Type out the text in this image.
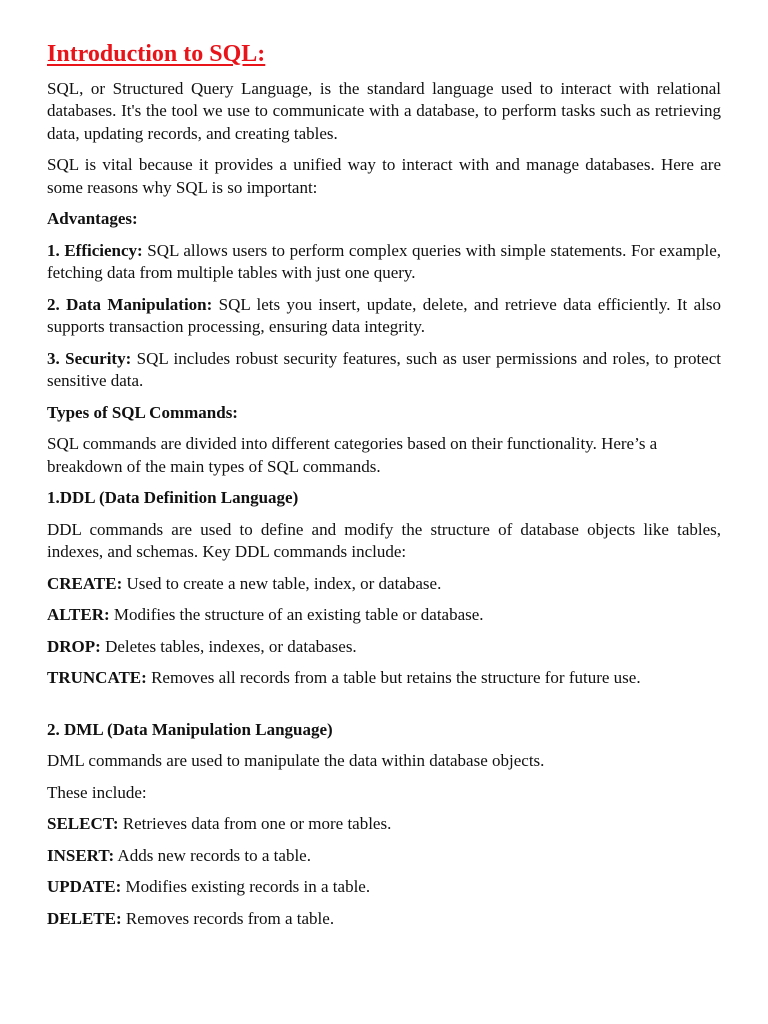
Introduction to SQL:

SQL, or Structured Query Language, is the standard language used to interact with relational databases. It's the tool we use to communicate with a database, to perform tasks such as retrieving data, updating records, and creating tables.

SQL is vital because it provides a unified way to interact with and manage databases. Here are some reasons why SQL is so important:

Advantages:

1. Efficiency: SQL allows users to perform complex queries with simple statements. For example, fetching data from multiple tables with just one query.

2. Data Manipulation: SQL lets you insert, update, delete, and retrieve data efficiently. It also supports transaction processing, ensuring data integrity.

3. Security: SQL includes robust security features, such as user permissions and roles, to protect sensitive data.

Types of SQL Commands:

SQL commands are divided into different categories based on their functionality. Here’s a breakdown of the main types of SQL commands.

1.DDL (Data Definition Language)

DDL commands are used to define and modify the structure of database objects like tables, indexes, and schemas. Key DDL commands include:

CREATE: Used to create a new table, index, or database.

ALTER: Modifies the structure of an existing table or database.

DROP: Deletes tables, indexes, or databases.

TRUNCATE: Removes all records from a table but retains the structure for future use.

2. DML (Data Manipulation Language)

DML commands are used to manipulate the data within database objects.

These include:

SELECT: Retrieves data from one or more tables.

INSERT: Adds new records to a table.

UPDATE: Modifies existing records in a table.

DELETE: Removes records from a table.
